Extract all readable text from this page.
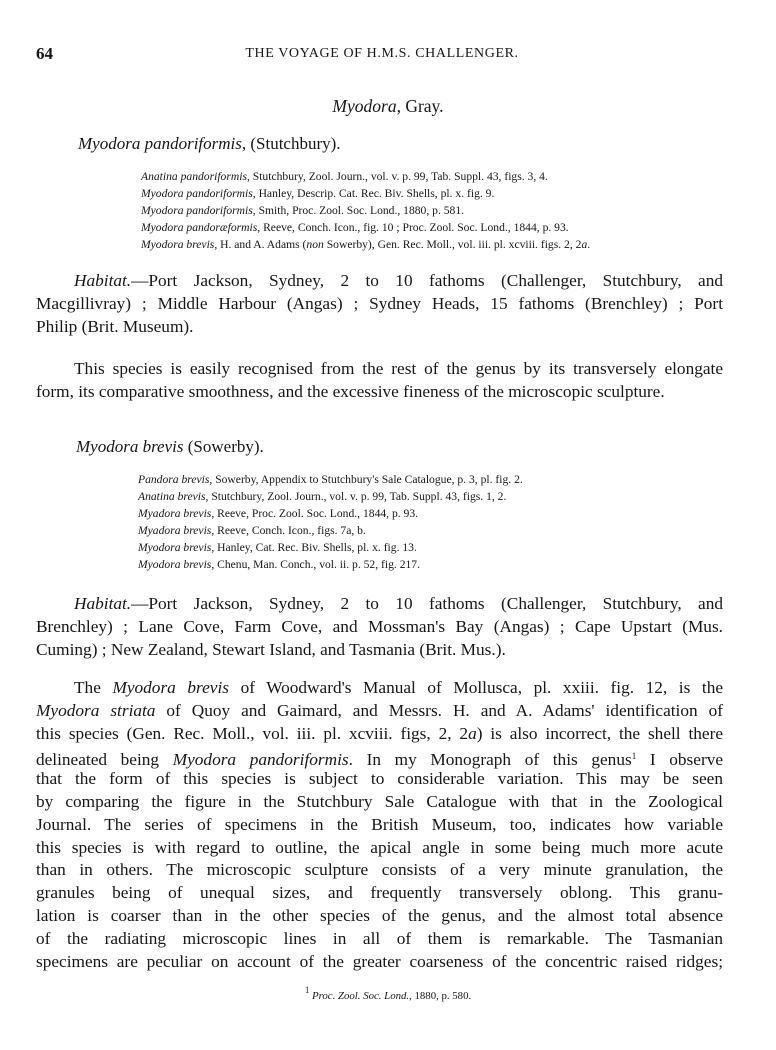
64	THE VOYAGE OF H.M.S. CHALLENGER.
Myodora, Gray.
Myodora pandoriformis, (Stutchbury).
Anatina pandoriformis, Stutchbury, Zool. Journ., vol. v. p. 99, Tab. Suppl. 43, figs. 3, 4.
Myodora pandoriformis, Hanley, Descrip. Cat. Rec. Biv. Shells, pl. x. fig. 9.
Myodora pandoriformis, Smith, Proc. Zool. Soc. Lond., 1880, p. 581.
Myodora pandoræformis, Reeve, Conch. Icon., fig. 10 ; Proc. Zool. Soc. Lond., 1844, p. 93.
Myodora brevis, H. and A. Adams (non Sowerby), Gen. Rec. Moll., vol. iii. pl. xcviii. figs. 2, 2a.
Habitat.—Port Jackson, Sydney, 2 to 10 fathoms (Challenger, Stutchbury, and
Macgillivray) ; Middle Harbour (Angas) ; Sydney Heads, 15 fathoms (Brenchley) ; Port
Philip (Brit. Museum).
This species is easily recognised from the rest of the genus by its transversely elongate
form, its comparative smoothness, and the excessive fineness of the microscopic sculpture.
Myodora brevis (Sowerby).
Pandora brevis, Sowerby, Appendix to Stutchbury's Sale Catalogue, p. 3, pl. fig. 2.
Anatina brevis, Stutchbury, Zool. Journ., vol. v. p. 99, Tab. Suppl. 43, figs. 1, 2.
Myadora brevis, Reeve, Proc. Zool. Soc. Lond., 1844, p. 93.
Myadora brevis, Reeve, Conch. Icon., figs. 7a, b.
Myodora brevis, Hanley, Cat. Rec. Biv. Shells, pl. x. fig. 13.
Myodora brevis, Chenu, Man. Conch., vol. ii. p. 52, fig. 217.
Habitat.—Port Jackson, Sydney, 2 to 10 fathoms (Challenger, Stutchbury, and
Brenchley) ; Lane Cove, Farm Cove, and Mossman's Bay (Angas) ; Cape Upstart (Mus.
Cuming) ; New Zealand, Stewart Island, and Tasmania (Brit. Mus.).
The Myodora brevis of Woodward's Manual of Mollusca, pl. xxiii. fig. 12, is the
Myodora striata of Quoy and Gaimard, and Messrs. H. and A. Adams' identification of
this species (Gen. Rec. Moll., vol. iii. pl. xcviii. figs, 2, 2a) is also incorrect, the shell there
delineated being Myodora pandoriformis. In my Monograph of this genus$^1$ I observe
that the form of this species is subject to considerable variation. This may be seen
by comparing the figure in the Stutchbury Sale Catalogue with that in the Zoological
Journal. The series of specimens in the British Museum, too, indicates how variable
this species is with regard to outline, the apical angle in some being much more acute
than in others. The microscopic sculpture consists of a very minute granulation, the
granules being of unequal sizes, and frequently transversely oblong. This granu-
lation is coarser than in the other species of the genus, and the almost total absence
of the radiating microscopic lines in all of them is remarkable. The Tasmanian
specimens are peculiar on account of the greater coarseness of the concentric raised ridges;
$^1$ Proc. Zool. Soc. Lond., 1880, p. 580.
